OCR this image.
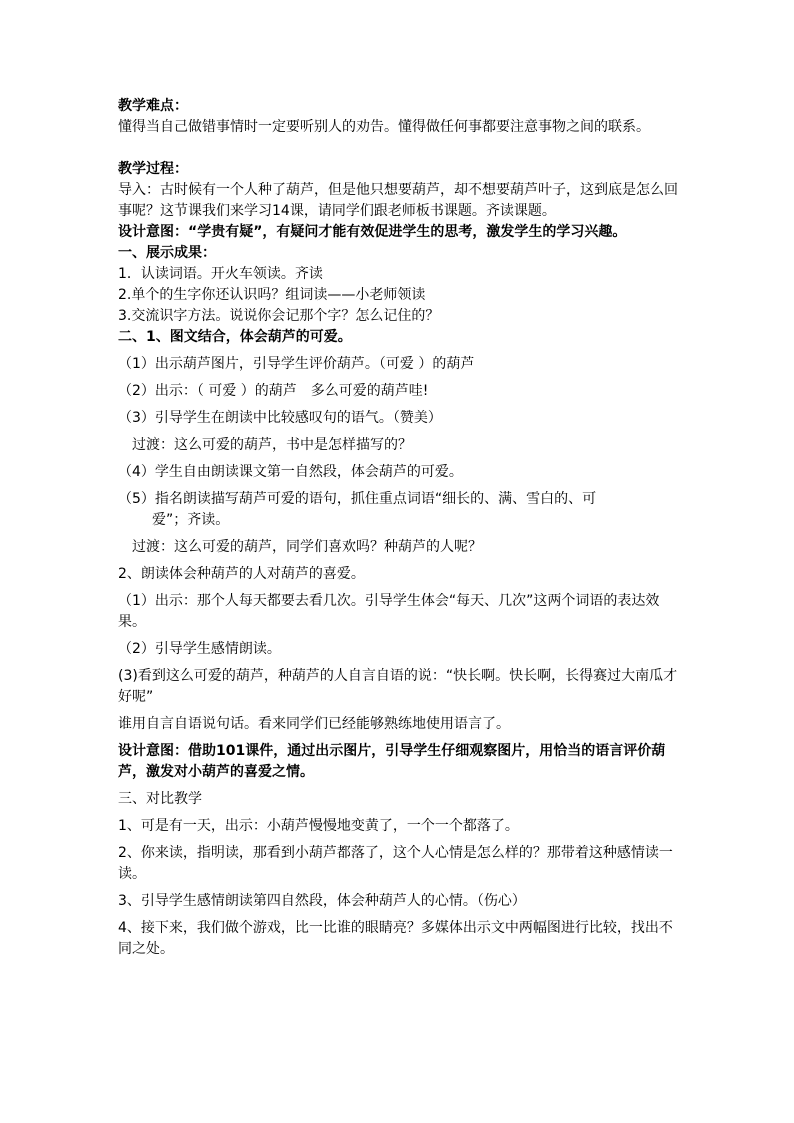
教学难点：

懂得当自己做错事情时一定要听别人的劝告。懂得做任何事都要注意事物之间的联系。

教学过程：

导入：古时候有一个人种了葫芦，但是他只想要葫芦，却不想要葫芦叶子，这到底是怎么回事呢？这节课我们来学习14课，请同学们跟老师板书课题。齐读课题。

设计意图：“学贵有疑”，有疑问才能有效促进学生的思考，激发学生的学习兴趣。

一、展示成果：

1．认读词语。开火车领读。齐读

2.单个的生字你还认识吗？组词读——小老师领读

3.交流识字方法。说说你会记那个字？怎么记住的？

二、1、图文结合，体会葫芦的可爱。

（1）出示葫芦图片，引导学生评价葫芦。（可爱 ）的葫芦

（2）出示：（ 可爱 ）的葫芦　多么可爱的葫芦哇!

（3）引导学生在朗读中比较感叹句的语气。（赞美）

过渡：这么可爱的葫芦，书中是怎样描写的？

（4）学生自由朗读课文第一自然段，体会葫芦的可爱。

（5）指名朗读描写葫芦可爱的语句，抓住重点词语“细长的、满、雪白的、可

爱”；齐读。

过渡：这么可爱的葫芦，同学们喜欢吗？种葫芦的人呢？

2、朗读体会种葫芦的人对葫芦的喜爱。

（1）出示：那个人每天都要去看几次。引导学生体会“每天、几次”这两个词语的表达效果。

（2）引导学生感情朗读。

(3)看到这么可爱的葫芦，种葫芦的人自言自语的说：“快长啊。快长啊，长得赛过大南瓜才好呢”

谁用自言自语说句话。看来同学们已经能够熟练地使用语言了。

设计意图：借助101课件，通过出示图片，引导学生仔细观察图片，用恰当的语言评价葫芦，激发对小葫芦的喜爱之情。

三、对比教学

1、可是有一天，出示：小葫芦慢慢地变黄了，一个一个都落了。

2、你来读，指明读，那看到小葫芦都落了，这个人心情是怎么样的？那带着这种感情读一读。

3、引导学生感情朗读第四自然段，体会种葫芦人的心情。（伤心）

4、接下来，我们做个游戏，比一比谁的眼睛亮？多媒体出示文中两幅图进行比较，找出不同之处。
